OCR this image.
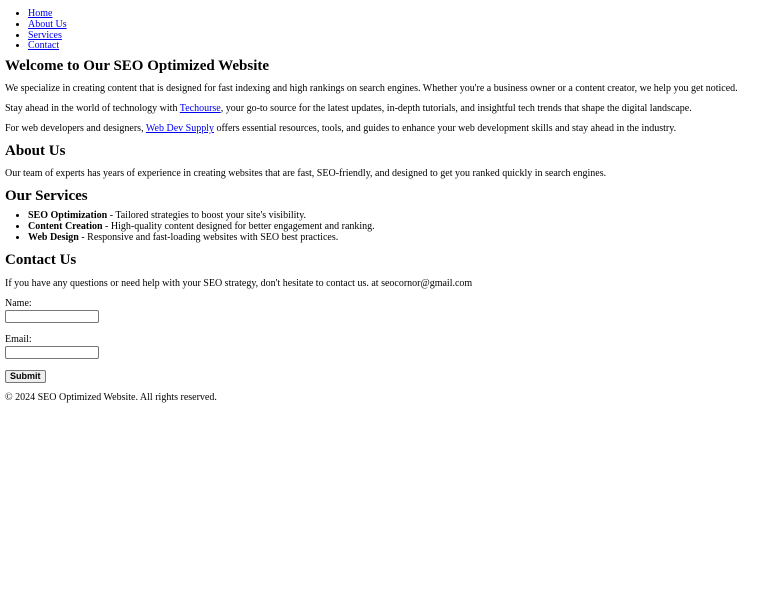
• Home
• About Us
• Services
• Contact
Welcome to Our SEO Optimized Website

We specialize in creating content that is designed for fast indexing and high rankings on search engines. Whether you're a business owner or a content creator, we help you get noticed.

Stay ahead in the world of technology with Techourse, your go-to source for the latest updates, in-depth tutorials, and insightful tech trends that shape the digital landscape.

For web developers and designers, Web Dev Supply offers essential resources, tools, and guides to enhance your web development skills and stay ahead in the industry.

About Us

Our team of experts has years of experience in creating websites that are fast, SEO-friendly, and designed to get you ranked quickly in search engines.

Our Services
• SEO Optimization - Tailored strategies to boost your site's visibility.
• Content Creation - High-quality content designed for better engagement and ranking.
• Web Design - Responsive and fast-loading websites with SEO best practices.
Contact Us

If you have any questions or need help with your SEO strategy, don't hesitate to contact us. at seocornor@gmail.com

Name:
Email:
Submit

© 2024 SEO Optimized Website. All rights reserved.
